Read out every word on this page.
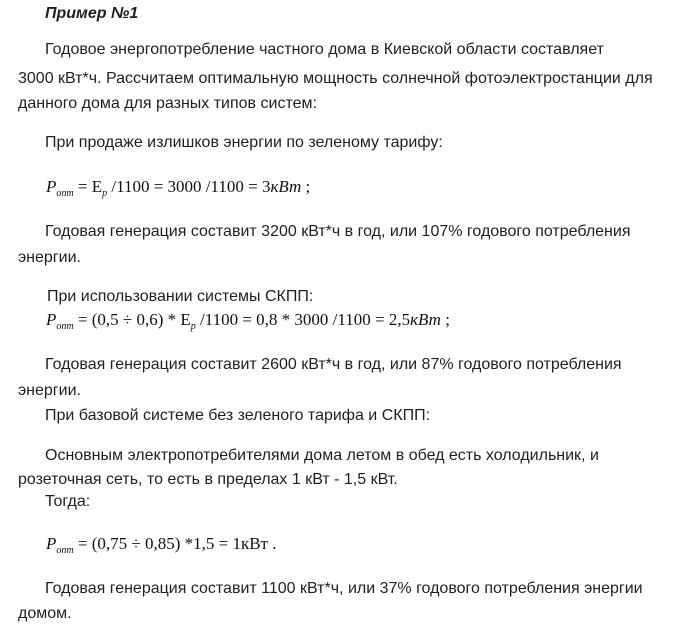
Пример №1
Годовое энергопотребление частного дома в Киевской области составляет
3000 кВт*ч. Рассчитаем оптимальную мощность солнечной фотоэлектростанции для
данного дома для разных типов систем:
При продаже излишков энергии по зеленому тарифу:
$P_{опт} = E_р$ /1100 = 3000 /1100 = 3кВт ;
Годовая генерация составит 3200 кВт*ч в год, или 107% годового потребления
энергии.
При использовании системы СКПП:
$P_{опт} = (0,5 \div 0,6) * E_р$ /1100 = 0,8 * 3000 /1100 = 2,5кВт ;
Годовая генерация составит 2600 кВт*ч в год, или 87% годового потребления
энергии.
При базовой системе без зеленого тарифа и СКПП:
Основным электропотребителями дома летом в обед есть холодильник, и
розеточная сеть, то есть в пределах 1 кВт - 1,5 кВт.
Тогда:
$P_{опт} = (0,75 \div 0,85) *1,5 = 1кВт$ .
Годовая генерация составит 1100 кВт*ч, или 37% годового потребления энергии
домом.
